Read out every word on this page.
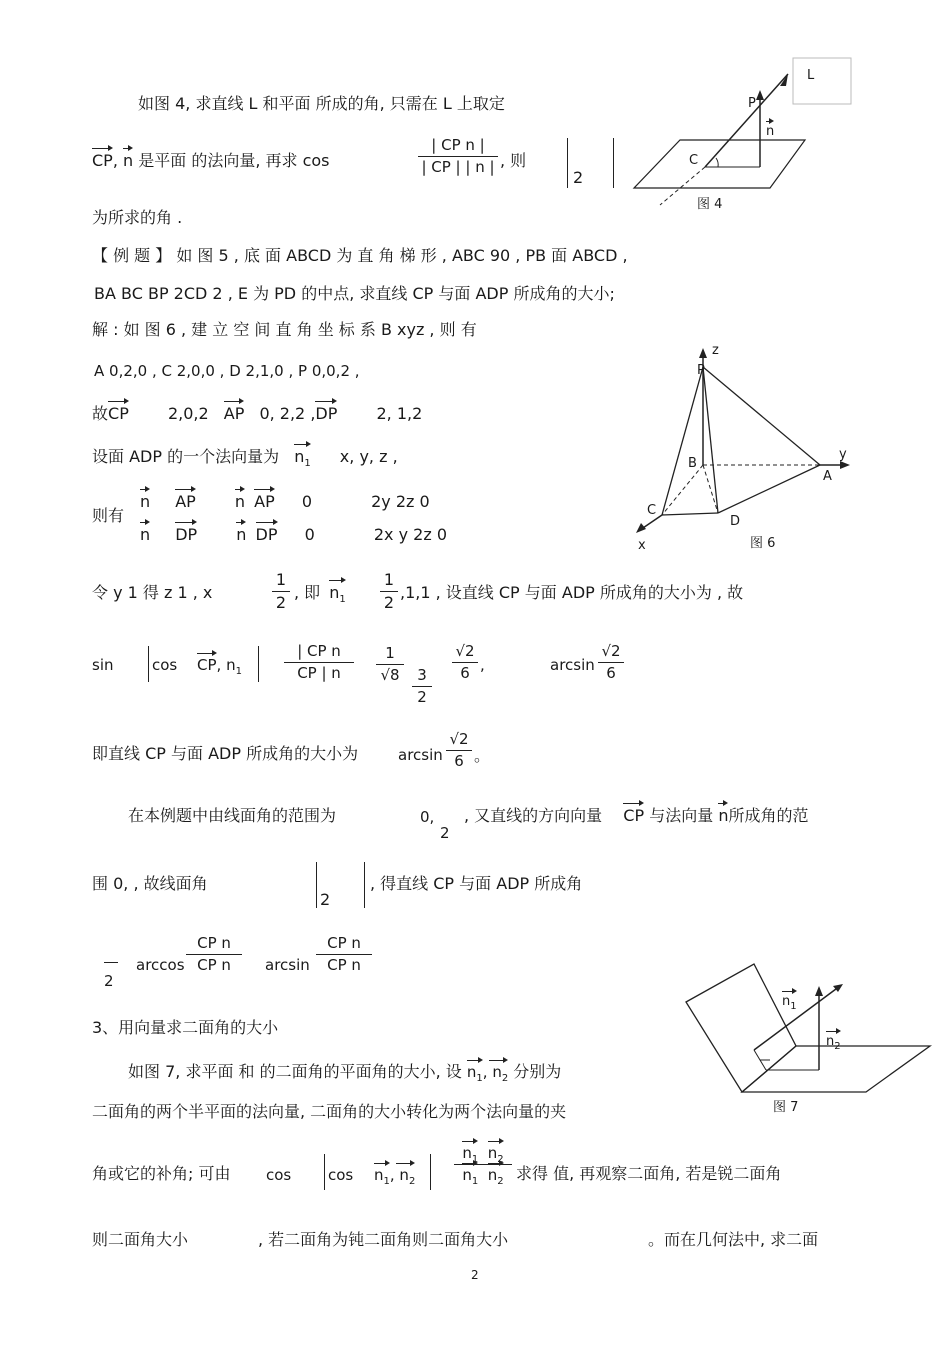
L
P
n
C
图 4
如图 4, 求直线 L 和平面 所成的角, 只需在 L 上取定
CP, n 是平面 的法向量, 再求 cos
| CP n |
| CP | | n | , 则
2
为所求的角 .
【 例 题 】 如 图 5 , 底 面 ABCD 为 直 角 梯 形 , ABC 90 , PB 面 ABCD ,
BA BC BP 2CD 2 , E 为 PD 的中点, 求直线 CP 与面 ADP 所成角的大小;
解 : 如 图 6 , 建 立 空 间 直 角 坐 标 系 B xyz , 则 有
A 0,2,0 , C 2,0,0 , D 2,1,0 , P 0,0,2 ,
故
CP 2,0,2 AP 0, 2,2 ,
DP 2, 1,2
设面 ADP 的一个法向量为 $n_1$ x, y, z ,
则有
n AP n AP 0	2y 2z 0
n DP n DP 0	2x y 2z 0
令 y 1 得 z 1 , x
1
2
, 即 $n_1$
1
2
,1,1 , 设直线 CP 与面 ADP 所成角的大小为 , 故
sin	cos CP, $n_1$
| CP n
CP | n
1
√8	3
2
√2
6 ,	arcsin
√2
6
即直线 CP 与面 ADP 所成角的大小为	arcsin
√2
6 。
z
P
y
B
A
C
D
x	图 6
在本例题中由线面角的范围为	0,
2
, 又直线的方向向量 CP 与法向量 n所成角的范
围 0, , 故线面角
2
, 得直线 CP 与面 ADP 所成角
2
arccos
CP n
CP n	arcsin
CP n
CP n
3、用向量求二面角的大小
如图 7, 求平面 和 的二面角的平面角的大小, 设 $n_1$
, $n_2$ 分别为
二面角的两个半平面的法向量, 二面角的大小转化为两个法向量的夹
角或它的补角; 可由 $\cos \cos n_1$
, $n_2$
$n_1$ $n_2$
$n_1$ $n_2$ 求得 值, 再观察二面角, 若是锐二面角
则二面角大小	, 若二面角为钝二面角则二面角大小	。而在几何法中, 求二面
$n_1$
$n_2$
图 7
2
